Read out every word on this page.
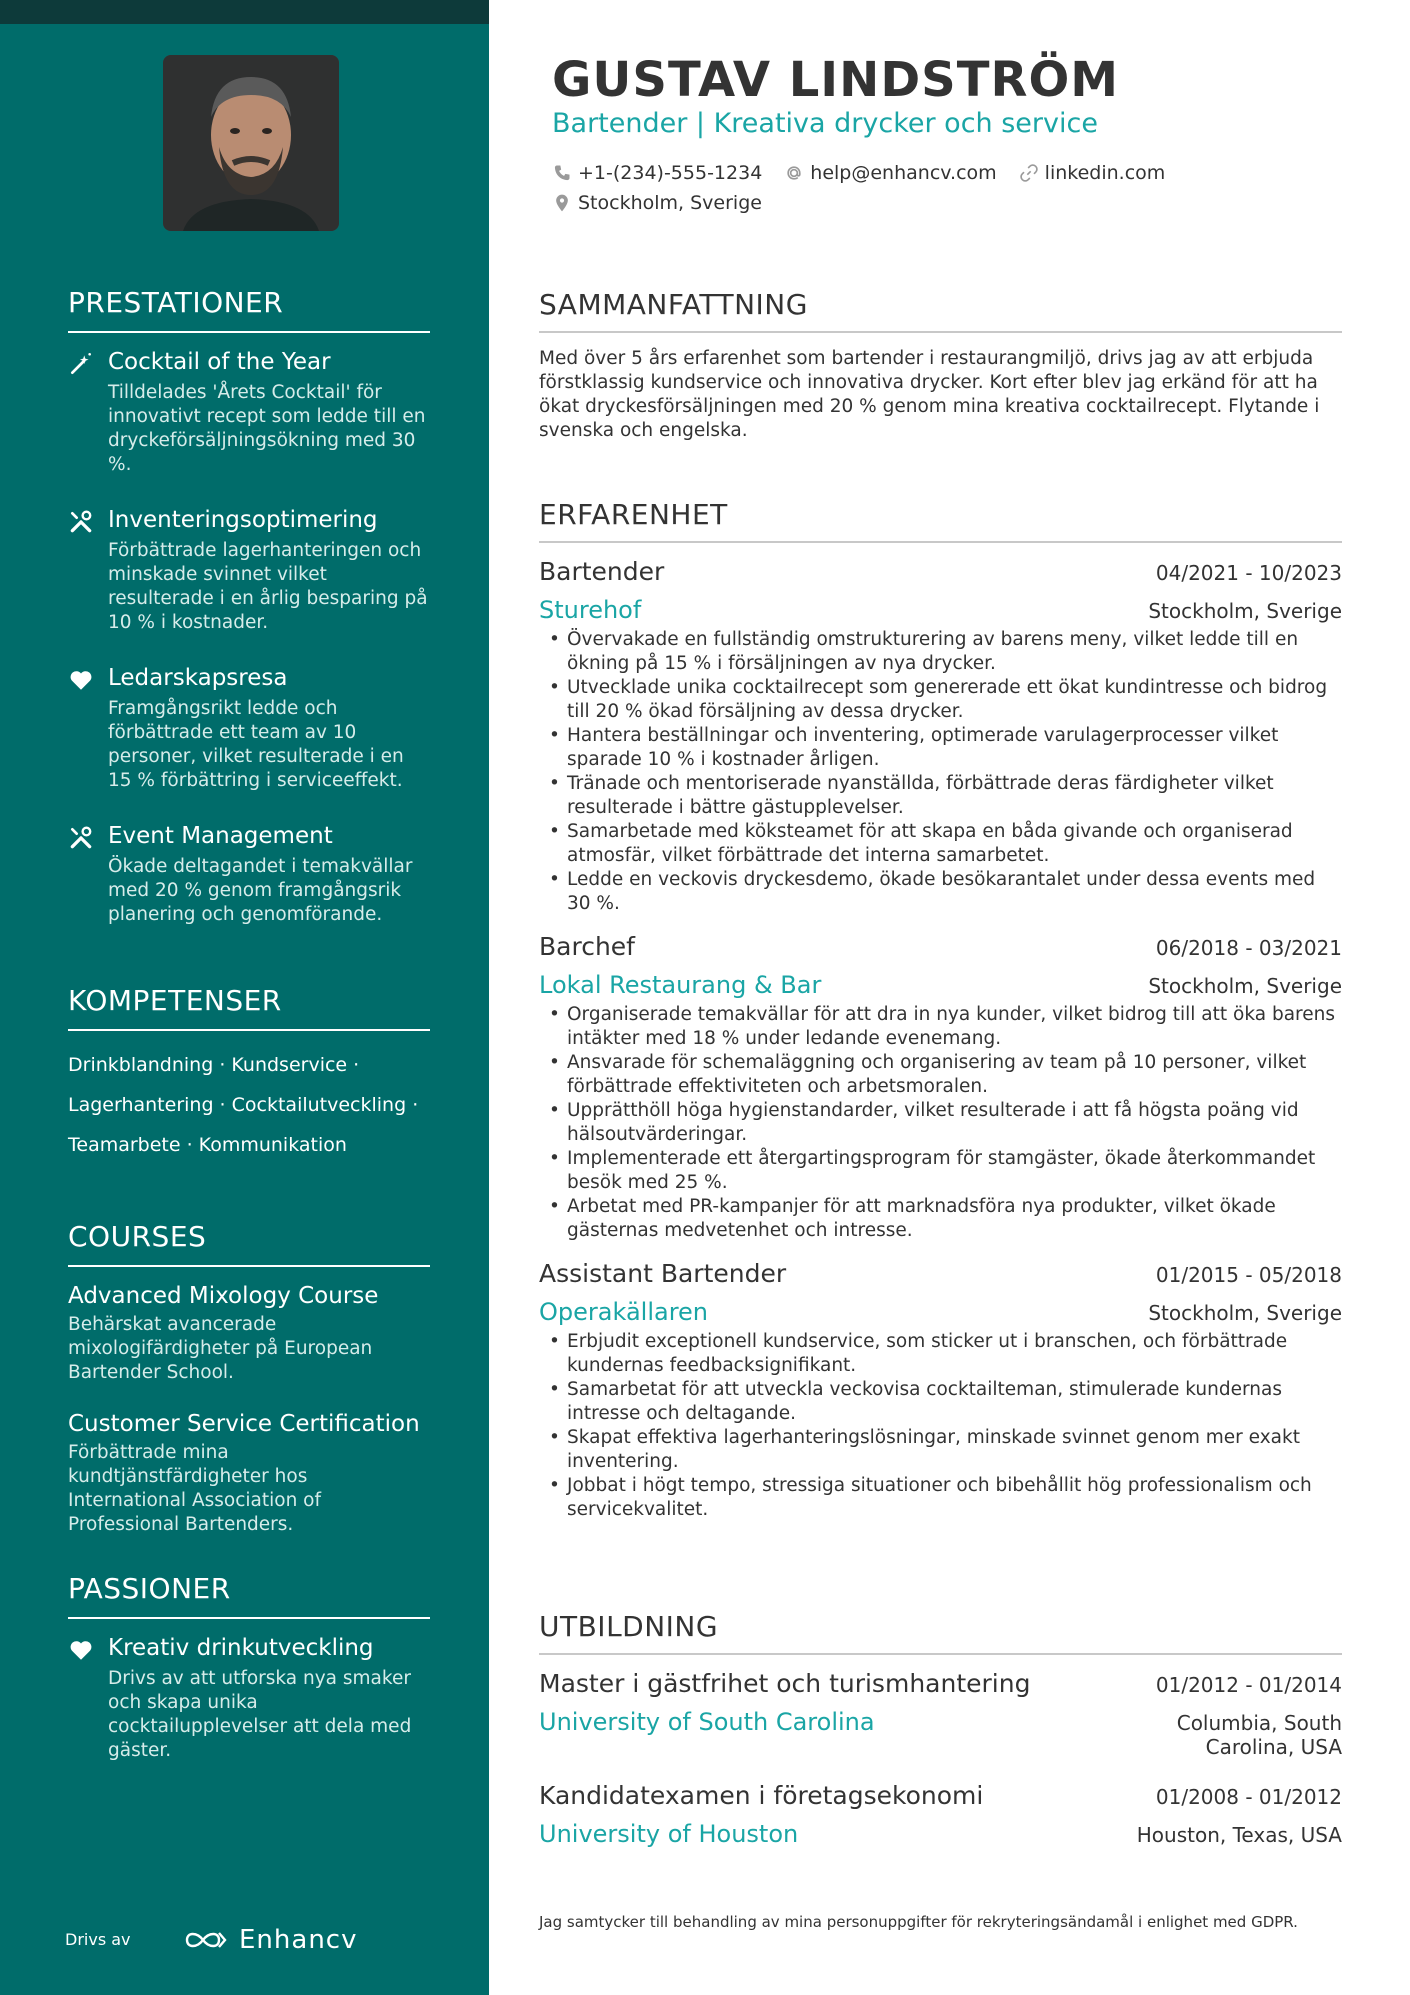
PRESTATIONER
Cocktail of the Year
Tilldelades 'Årets Cocktail' för innovativt recept som ledde till en dryckeförsäljningsökning med 30 %.
Inventeringsoptimering
Förbättrade lagerhanteringen och minskade svinnet vilket resulterade i en årlig besparing på 10 % i kostnader.
Ledarskapsresa
Framgångsrikt ledde och förbättrade ett team av 10 personer, vilket resulterade i en 15 % förbättring i serviceeffekt.
Event Management
Ökade deltagandet i temakvällar med 20 % genom framgångsrik planering och genomförande.
KOMPETENSER
Drinkblandning · Kundservice ·
Lagerhantering · Cocktailutveckling ·
Teamarbete · Kommunikation
COURSES
Advanced Mixology Course
Behärskat avancerade mixologifärdigheter på European Bartender School.
Customer Service Certification
Förbättrade mina kundtjänstfärdigheter hos International Association of Professional Bartenders.
PASSIONER
Kreativ drinkutveckling
Drivs av att utforska nya smaker och skapa unika cocktailupplevelser att dela med gäster.
Drivs av	Enhancv
GUSTAV LINDSTRÖM
Bartender | Kreativa drycker och service
+1-(234)-555-1234	help@enhancv.com	linkedin.com
Stockholm, Sverige
SAMMANFATTNING
Med över 5 års erfarenhet som bartender i restaurangmiljö, drivs jag av att erbjuda förstklassig kundservice och innovativa drycker. Kort efter blev jag erkänd för att ha ökat dryckesförsäljningen med 20 % genom mina kreativa cocktailrecept. Flytande i svenska och engelska.
ERFARENHET
Bartender	04/2021 - 10/2023
Sturehof	Stockholm, Sverige
• Övervakade en fullständig omstrukturering av barens meny, vilket ledde till en ökning på 15 % i försäljningen av nya drycker.
• Utvecklade unika cocktailrecept som genererade ett ökat kundintresse och bidrog till 20 % ökad försäljning av dessa drycker.
• Hantera beställningar och inventering, optimerade varulagerprocesser vilket sparade 10 % i kostnader årligen.
• Tränade och mentoriserade nyanställda, förbättrade deras färdigheter vilket resulterade i bättre gästupplevelser.
• Samarbetade med köksteamet för att skapa en båda givande och organiserad atmosfär, vilket förbättrade det interna samarbetet.
• Ledde en veckovis dryckesdemo, ökade besökarantalet under dessa events med 30 %.
Barchef	06/2018 - 03/2021
Lokal Restaurang & Bar	Stockholm, Sverige
• Organiserade temakvällar för att dra in nya kunder, vilket bidrog till att öka barens intäkter med 18 % under ledande evenemang.
• Ansvarade för schemaläggning och organisering av team på 10 personer, vilket förbättrade effektiviteten och arbetsmoralen.
• Upprätthöll höga hygienstandarder, vilket resulterade i att få högsta poäng vid hälsoutvärderingar.
• Implementerade ett återgartingsprogram för stamgäster, ökade återkommandet besök med 25 %.
• Arbetat med PR-kampanjer för att marknadsföra nya produkter, vilket ökade gästernas medvetenhet och intresse.
Assistant Bartender	01/2015 - 05/2018
Operakällaren	Stockholm, Sverige
• Erbjudit exceptionell kundservice, som sticker ut i branschen, och förbättrade kundernas feedbacksignifikant.
• Samarbetat för att utveckla veckovisa cocktailteman, stimulerade kundernas intresse och deltagande.
• Skapat effektiva lagerhanteringslösningar, minskade svinnet genom mer exakt inventering.
• Jobbat i högt tempo, stressiga situationer och bibehållit hög professionalism och servicekvalitet.
UTBILDNING
Master i gästfrihet och turismhantering	01/2012 - 01/2014
University of South Carolina	Columbia, South
Carolina, USA
Kandidatexamen i företagsekonomi	01/2008 - 01/2012
University of Houston	Houston, Texas, USA
Jag samtycker till behandling av mina personuppgifter för rekryteringsändamål i enlighet med GDPR.
